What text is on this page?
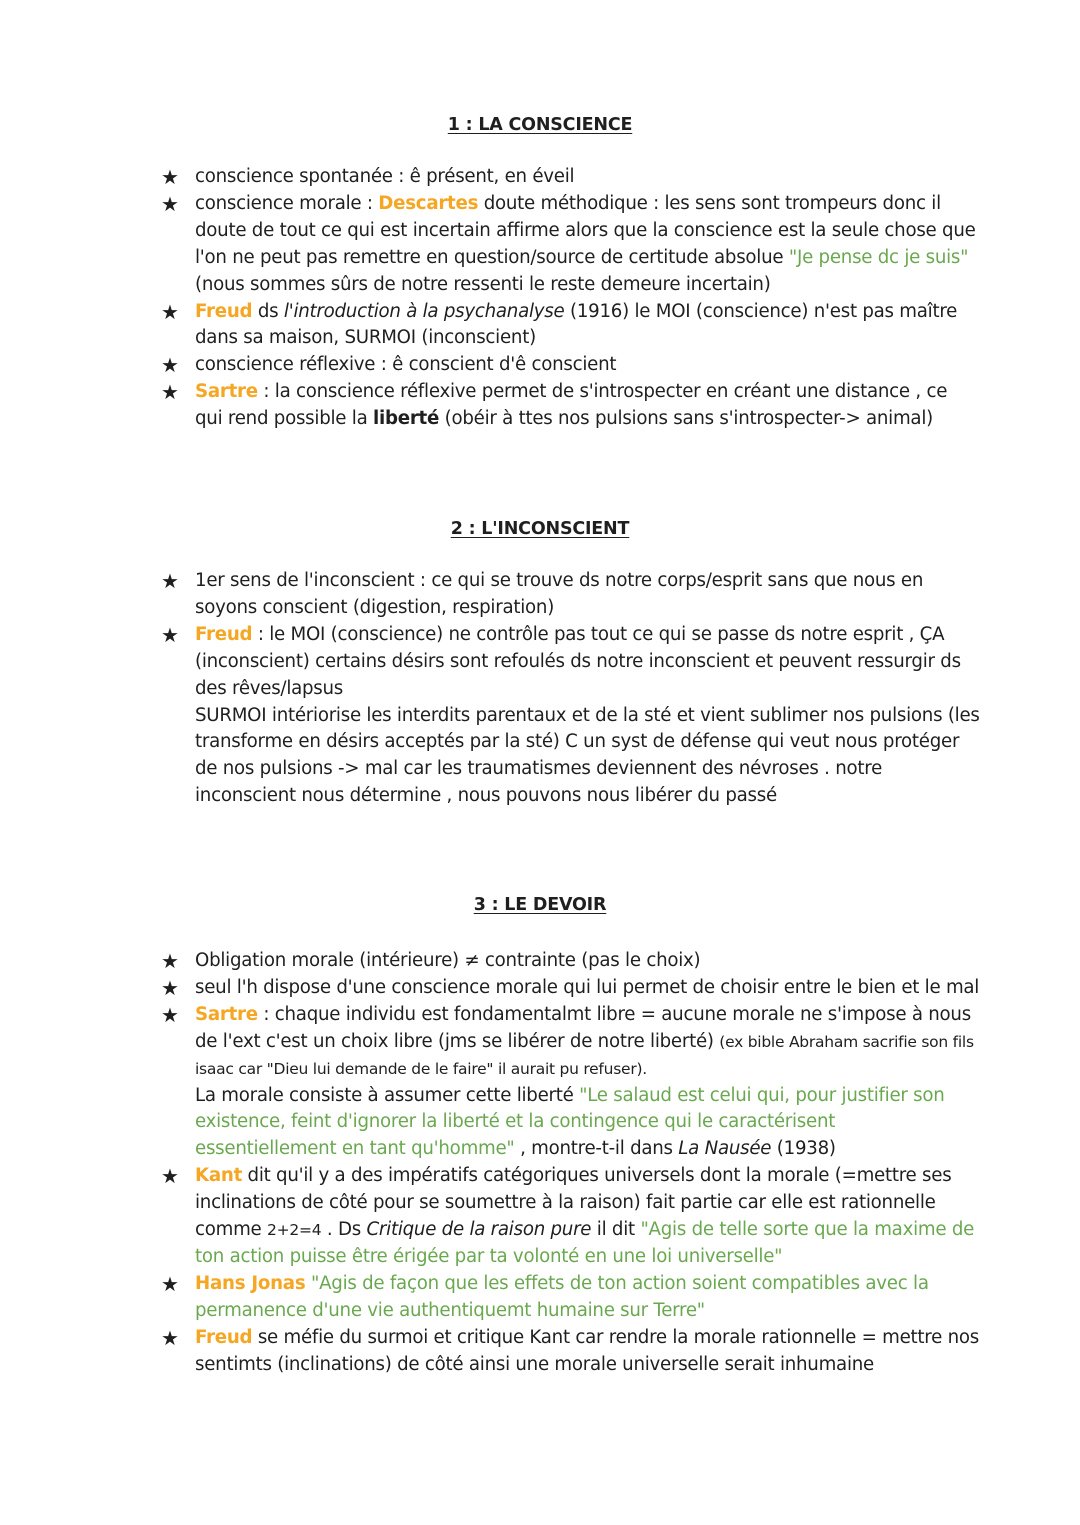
1 : LA CONSCIENCE
★ conscience spontanée : ê présent, en éveil
★ conscience morale : Descartes doute méthodique : les sens sont trompeurs donc il doute de tout ce qui est incertain affirme alors que la conscience est la seule chose que l'on ne peut pas remettre en question/source de certitude absolue "Je pense dc je suis" (nous sommes sûrs de notre ressenti le reste demeure incertain)
★ Freud ds l'introduction à la psychanalyse (1916) le MOI (conscience) n'est pas maître dans sa maison, SURMOI (inconscient)
★ conscience réflexive : ê conscient d'ê conscient
★ Sartre : la conscience réflexive permet de s'introspecter en créant une distance , ce qui rend possible la liberté (obéir à ttes nos pulsions sans s'introspecter-> animal)
2 : L'INCONSCIENT
★ 1er sens de l'inconscient : ce qui se trouve ds notre corps/esprit sans que nous en soyons conscient (digestion, respiration)
★ Freud : le MOI (conscience) ne contrôle pas tout ce qui se passe ds notre esprit , ÇA (inconscient) certains désirs sont refoulés ds notre inconscient et peuvent ressurgir ds des rêves/lapsus
SURMOI intériorise les interdits parentaux et de la sté et vient sublimer nos pulsions (les transforme en désirs acceptés par la sté) C un syst de défense qui veut nous protéger de nos pulsions -> mal car les traumatismes deviennent des névroses . notre inconscient nous détermine , nous pouvons nous libérer du passé
3 : LE DEVOIR
★ Obligation morale (intérieure) ≠ contrainte (pas le choix)
★ seul l'h dispose d'une conscience morale qui lui permet de choisir entre le bien et le mal
★ Sartre : chaque individu est fondamentalmt libre = aucune morale ne s'impose à nous de l'ext c'est un choix libre (jms se libérer de notre liberté) (ex bible Abraham sacrifie son fils isaac car "Dieu lui demande de le faire" il aurait pu refuser).
La morale consiste à assumer cette liberté "Le salaud est celui qui, pour justifier son existence, feint d'ignorer la liberté et la contingence qui le caractérisent essentiellement en tant qu'homme" , montre-t-il dans La Nausée (1938)
★ Kant dit qu'il y a des impératifs catégoriques universels dont la morale (=mettre ses inclinations de côté pour se soumettre à la raison) fait partie car elle est rationnelle comme 2+2=4 . Ds Critique de la raison pure il dit "Agis de telle sorte que la maxime de ton action puisse être érigée par ta volonté en une loi universelle"
★ Hans Jonas "Agis de façon que les effets de ton action soient compatibles avec la permanence d'une vie authentiquemt humaine sur Terre"
★ Freud se méfie du surmoi et critique Kant car rendre la morale rationnelle = mettre nos sentimts (inclinations) de côté ainsi une morale universelle serait inhumaine
